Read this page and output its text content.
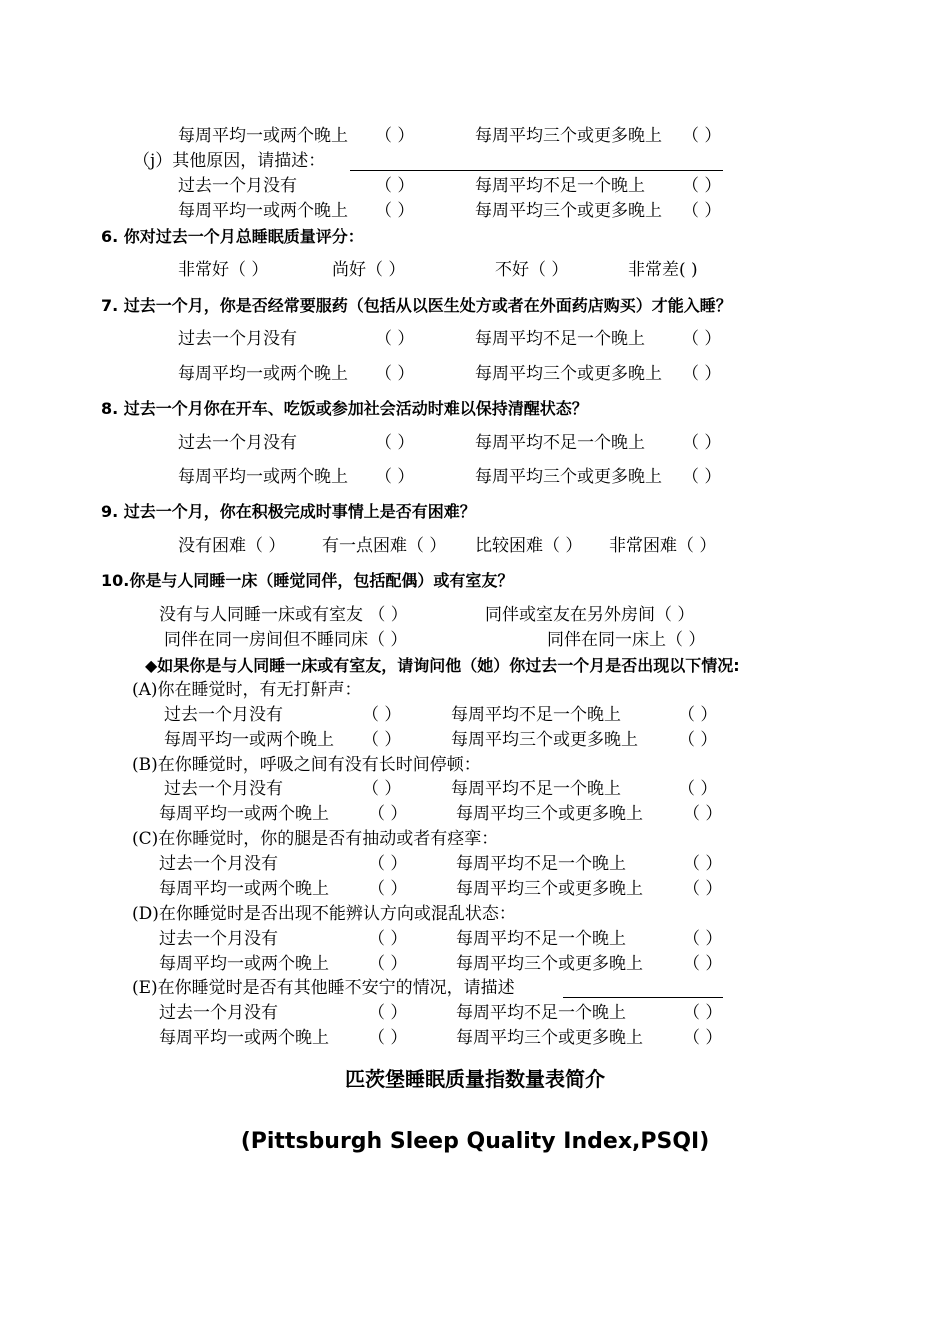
每周平均一或两个晚上 （ ）	每周平均三个或更多晚上 （ ）
（j）其他原因，请描述：
过去一个月没有	（ ）	每周平均不足一个晚上 （ ）
每周平均一或两个晚上 （ ）	每周平均三个或更多晚上 （ ）
6. 你对过去一个月总睡眠质量评分：
非常好（ ）	尚好（ ）	不好（ ）	非常差( )
7. 过去一个月，你是否经常要服药（包括从以医生处方或者在外面药店购买）才能入睡？
过去一个月没有	（ ）	每周平均不足一个晚上 （ ）
每周平均一或两个晚上 （ ）	每周平均三个或更多晚上 （ ）
8. 过去一个月你在开车、吃饭或参加社会活动时难以保持清醒状态？
过去一个月没有	（ ）	每周平均不足一个晚上 （ ）
每周平均一或两个晚上 （ ）	每周平均三个或更多晚上 （ ）
9. 过去一个月，你在积极完成时事情上是否有困难？
没有困难（ ） 有一点困难（ ） 比较困难（ ） 非常困难（ ）
10.你是与人同睡一床（睡觉同伴，包括配偶）或有室友？
没有与人同睡一床或有室友 （ ）	同伴或室友在另外房间（ ）
同伴在同一房间但不睡同床（ ）	同伴在同一床上（ ）
◆如果你是与人同睡一床或有室友，请询问他（她）你过去一个月是否出现以下情况:
(A)你在睡觉时，有无打鼾声：
过去一个月没有	（ ）	每周平均不足一个晚上	（ ）
每周平均一或两个晚上 （ ）	每周平均三个或更多晚上 （ ）
(B)在你睡觉时，呼吸之间有没有长时间停顿：
过去一个月没有	（ ）	每周平均不足一个晚上	（ ）
每周平均一或两个晚上 （ ）	每周平均三个或更多晚上 （ ）
(C)在你睡觉时，你的腿是否有抽动或者有痉挛：
过去一个月没有	（ ）	每周平均不足一个晚上	（ ）
每周平均一或两个晚上 （ ）	每周平均三个或更多晚上 （ ）
(D)在你睡觉时是否出现不能辨认方向或混乱状态：
过去一个月没有	（ ）	每周平均不足一个晚上	（ ）
每周平均一或两个晚上 （ ）	每周平均三个或更多晚上 （ ）
(E)在你睡觉时是否有其他睡不安宁的情况，请描述
过去一个月没有	（ ）	每周平均不足一个晚上	（ ）
每周平均一或两个晚上 （ ）	每周平均三个或更多晚上 （ ）
匹茨堡睡眠质量指数量表简介
(Pittsburgh Sleep Quality Index,PSQI)
